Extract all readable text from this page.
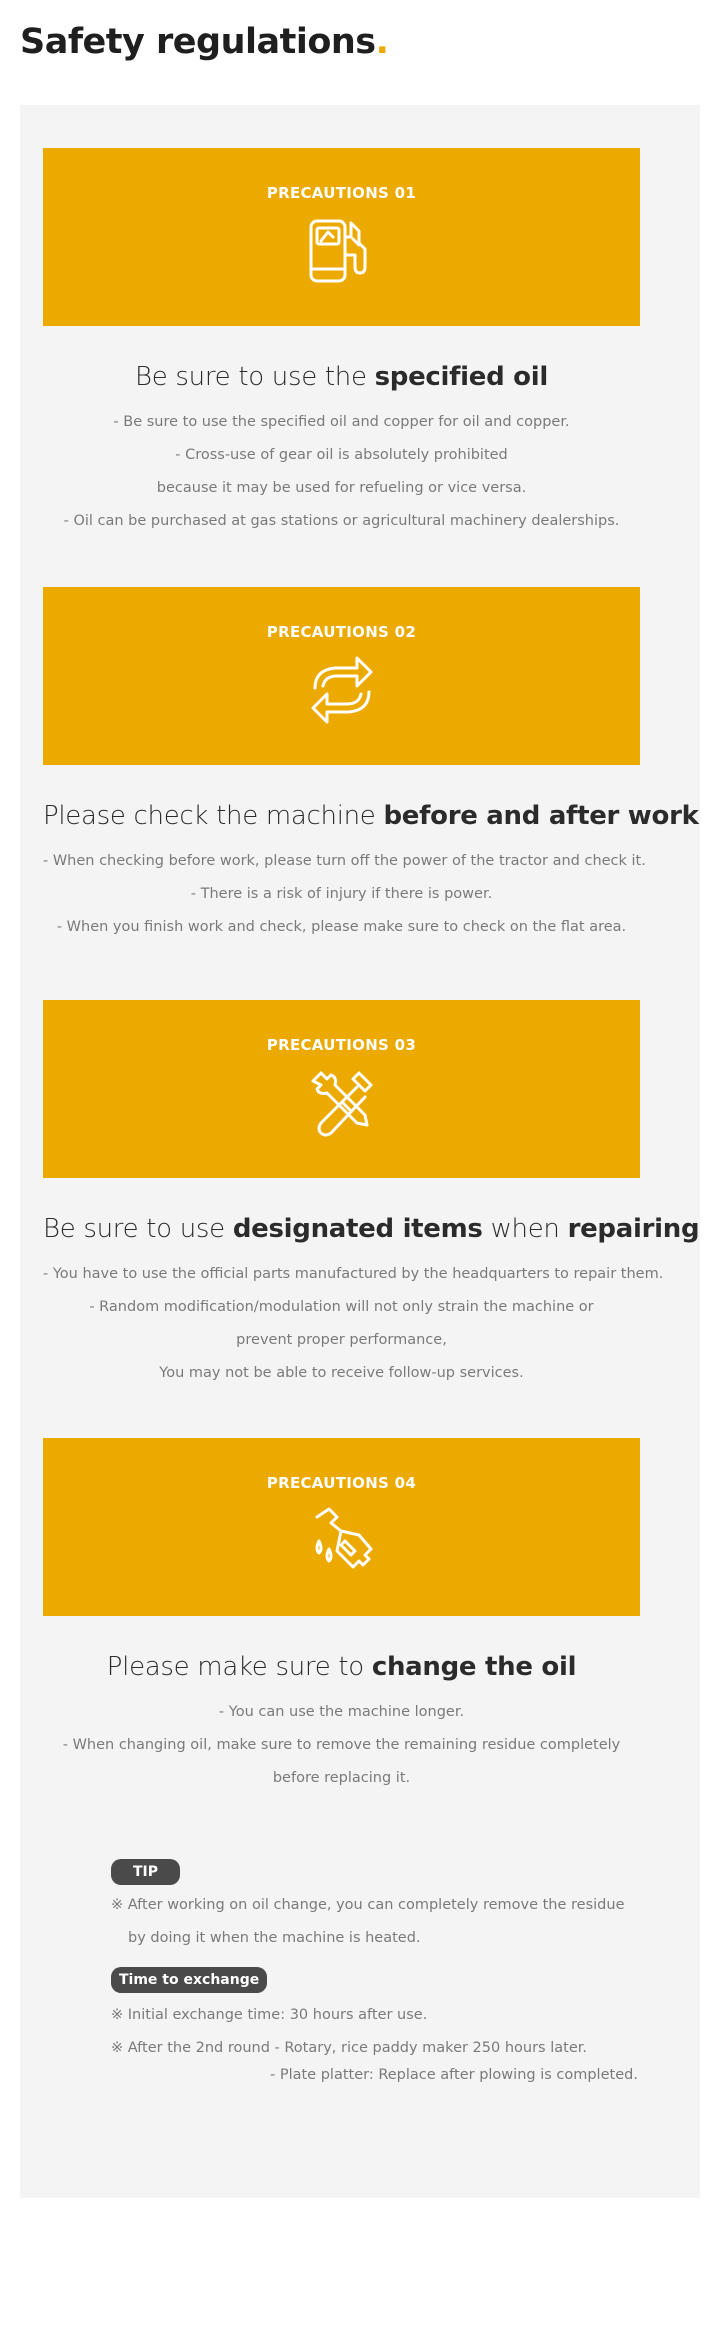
Safety regulations.
PRECAUTIONS 01
Be sure to use the specified oil
- Be sure to use the specified oil and copper for oil and copper.
- Cross-use of gear oil is absolutely prohibited
because it may be used for refueling or vice versa.
- Oil can be purchased at gas stations or agricultural machinery dealerships.
PRECAUTIONS 02
Please check the machine before and after work
- When checking before work, please turn off the power of the tractor and check it.
- There is a risk of injury if there is power.
- When you finish work and check, please make sure to check on the flat area.
PRECAUTIONS 03
Be sure to use designated items when repairing
- You have to use the official parts manufactured by the headquarters to repair them.
- Random modification/modulation will not only strain the machine or
prevent proper performance,
You may not be able to receive follow-up services.
PRECAUTIONS 04
Please make sure to change the oil
- You can use the machine longer.
- When changing oil, make sure to remove the remaining residue completely
before replacing it.
TIP
※ After working on oil change, you can completely remove the residue
by doing it when the machine is heated.
Time to exchange
※ Initial exchange time: 30 hours after use.
※ After the 2nd round - Rotary, rice paddy maker 250 hours later.
- Plate platter: Replace after plowing is completed.
